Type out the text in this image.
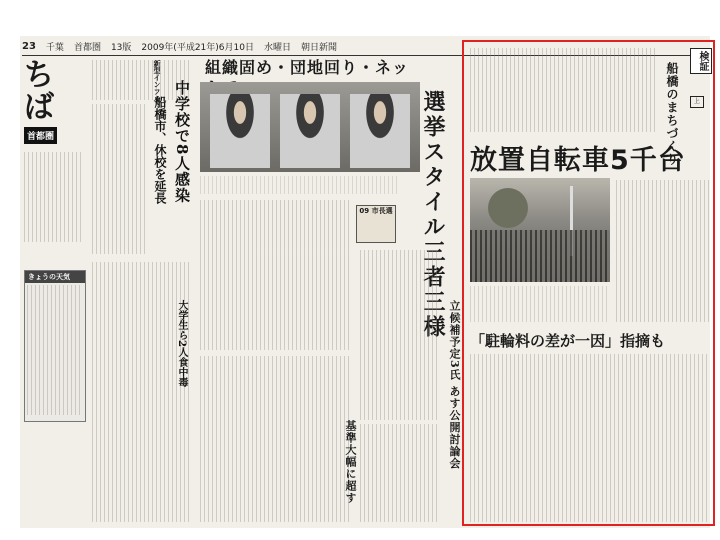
23 千葉 首都圏 13版 2009年(平成21年)6月10日 水曜日 朝日新聞
ちば
首都圏
きょうの天気
新型インフル 中学校で8人感染
船橋市、休校を延長
大学生ら2人食中毒
組織固め・団地回り・ネッ
選挙スタイル三者三様
09 市長選
立候補予定3氏 あす公開討論会
基準大幅に超す
検証
船橋のまちづくり	上
放置自転車5千台
「駐輪料の差が一因」指摘も
